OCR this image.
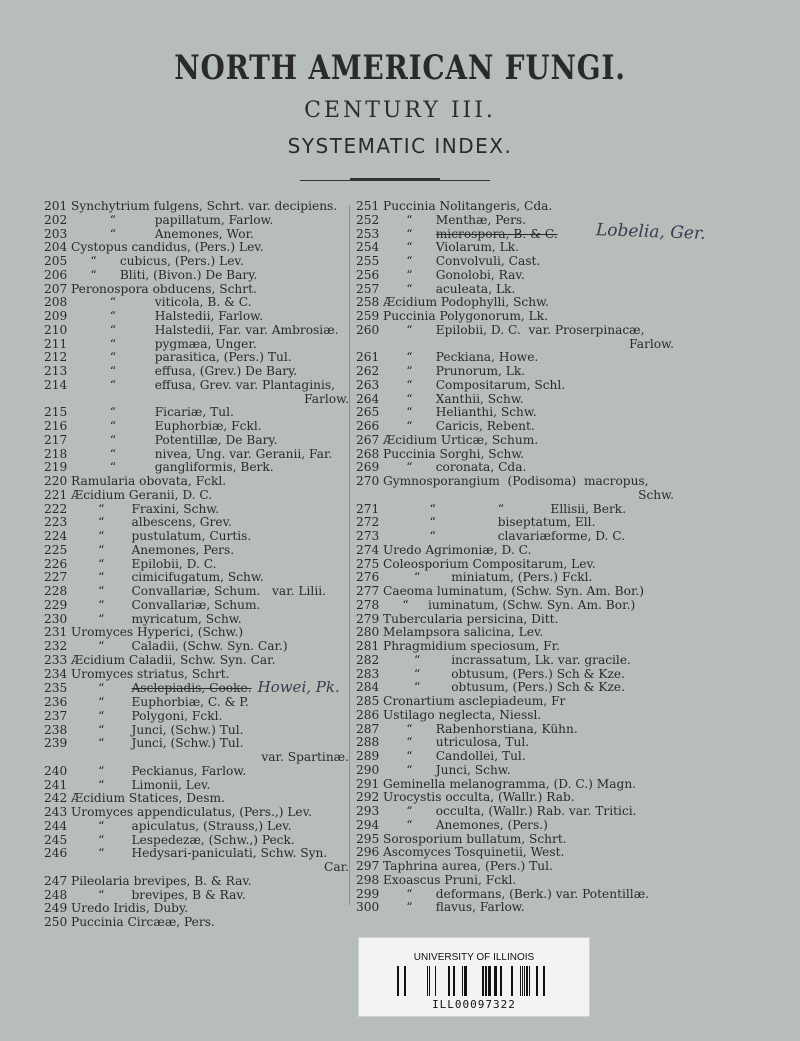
NORTH AMERICAN FUNGI.
CENTURY III.
SYSTEMATIC INDEX.
201 Synchytrium fulgens, Schrt. var. decipiens.
202          “          papillatum, Farlow.
203          “          Anemones, Wor.
204 Cystopus candidus, (Pers.) Lev.
205     “      cubicus, (Pers.) Lev.
206     “      Bliti, (Bivon.) De Bary.
207 Peronospora obducens, Schrt.
208          “          viticola, B. & C.
209          “          Halstedii, Farlow.
210          “          Halstedii, Far. var. Ambrosiæ.
211          “          pygmæa, Unger.
212          “          parasitica, (Pers.) Tul.
213          “          effusa, (Grev.) De Bary.
214          “          effusa, Grev. var. Plantaginis,
Farlow.
215          “          Ficariæ, Tul.
216          “          Euphorbiæ, Fckl.
217          “          Potentillæ, De Bary.
218          “          nivea, Ung. var. Geranii, Far.
219          “          gangliformis, Berk.
220 Ramularia obovata, Fckl.
221 Æcidium Geranii, D. C.
222       “       Fraxini, Schw.
223       “       albescens, Grev.
224       “       pustulatum, Curtis.
225       “       Anemones, Pers.
226       “       Epilobii, D. C.
227       “       cimicifugatum, Schw.
228       “       Convallariæ, Schum.   var. Lilii.
229       “       Convallariæ, Schum.
230       “       myricatum, Schw.
231 Uromyces Hyperici, (Schw.)
232       “       Caladii, (Schw. Syn. Car.)
233 Æcidium Caladii, Schw. Syn. Car.
234 Uromyces striatus, Schrt.
235       “       Asclepiadis, Cooke. Howei, Pk.
236       “       Euphorbiæ, C. & P.
237       “       Polygoni, Fckl.
238       “       Junci, (Schw.) Tul.
239       “       Junci, (Schw.) Tul.
var. Spartinæ.
240       “       Peckianus, Farlow.
241       “       Limonii, Lev.
242 Æcidium Statices, Desm.
243 Uromyces appendiculatus, (Pers.,) Lev.
244       “       apiculatus, (Strauss,) Lev.
245       “       Lespedezæ, (Schw.,) Peck.
246       “       Hedysari-paniculati, Schw. Syn.
Car.
247 Pileolaria brevipes, B. & Rav.
248       “       brevipes, B & Rav.
249 Uredo Iridis, Duby.
250 Puccinia Circææ, Pers.
251 Puccinia Nolitangeris, Cda.
252      “      Menthæ, Pers.
253      “      microspora, B. & C.
254      “      Violarum, Lk.
255      “      Convolvuli, Cast.
256      “      Gonolobi, Rav.
257      “      aculeata, Lk.
258 Æcidium Podophylli, Schw.
259 Puccinia Polygonorum, Lk.
260      “      Epilobii, D. C.  var. Proserpinacæ,
Farlow.
261      “      Peckiana, Howe.
262      “      Prunorum, Lk.
263      “      Compositarum, Schl.
264      “      Xanthii, Schw.
265      “      Helianthi, Schw.
266      “      Caricis, Rebent.
267 Æcidium Urticæ, Schum.
268 Puccinia Sorghi, Schw.
269      “      coronata, Cda.
270 Gymnosporangium  (Podisoma)  macropus,
Schw.
271            “                “            Ellisii, Berk.
272            “                biseptatum, Ell.
273            “                clavariæforme, D. C.
274 Uredo Agrimoniæ, D. C.
275 Coleosporium Compositarum, Lev.
276        “        miniatum, (Pers.) Fckl.
277 Caeoma luminatum, (Schw. Syn. Am. Bor.)
278     “     iuminatum, (Schw. Syn. Am. Bor.)
279 Tubercularia persicina, Ditt.
280 Melampsora salicina, Lev.
281 Phragmidium speciosum, Fr.
282        “        incrassatum, Lk. var. gracile.
283        “        obtusum, (Pers.) Sch & Kze.
284        “        obtusum, (Pers.) Sch & Kze.
285 Cronartium asclepiadeum, Fr
286 Ustilago neglecta, Niessl.
287      “      Rabenhorstiana, Kühn.
288      “      utriculosa, Tul.
289      “      Candollei, Tul.
290      “      Junci, Schw.
291 Geminella melanogramma, (D. C.) Magn.
292 Urocystis occulta, (Wallr.) Rab.
293      “      occulta, (Wallr.) Rab. var. Tritici.
294      “      Anemones, (Pers.)
295 Sorosporium bullatum, Schrt.
296 Ascomyces Tosquinetii, West.
297 Taphrina aurea, (Pers.) Tul.
298 Exoascus Pruni, Fckl.
299      “      deformans, (Berk.) var. Potentillæ.
300      “      flavus, Farlow.
Lobelia, Ger.
UNIVERSITY OF ILLINOIS
ILL00097322
